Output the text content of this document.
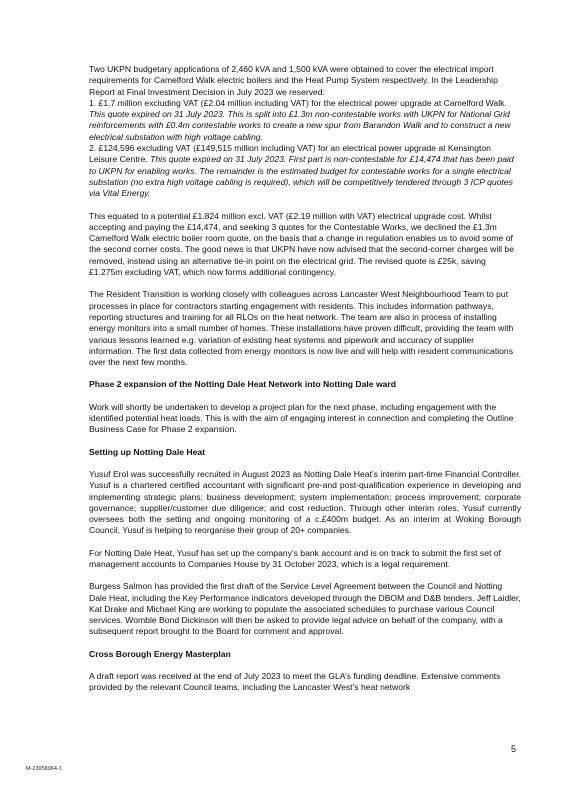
Two UKPN budgetary applications of 2,460 kVA and 1,500 kVA were obtained to cover the electrical import requirements for Camelford Walk electric boilers and the Heat Pump System respectively. In the Leadership Report at Final Investment Decision in July 2023 we reserved:
1. £1.7 million excluding VAT (£2.04 million including VAT) for the electrical power upgrade at Camelford Walk. This quote expired on 31 July 2023. This is split into £1.3m non-contestable works with UKPN for National Grid reinforcements with £0.4m contestable works to create a new spur from Barandon Walk and to construct a new electrical substation with high voltage cabling.
2. £124,596 excluding VAT (£149,515 million including VAT) for an electrical power upgrade at Kensington Leisure Centre. This quote expired on 31 July 2023. First part is non-contestable for £14,474 that has been paid to UKPN for enabling works. The remainder is the estimated budget for contestable works for a single electrical substation (no extra high voltage cabling is required), which will be competitively tendered through 3 ICP quotes via Vital Energy.

This equated to a potential £1.824 million excl. VAT (£2.19 million with VAT) electrical upgrade cost. Whilst accepting and paying the £14,474, and seeking 3 quotes for the Contestable Works, we declined the £1.3m Camelford Walk electric boiler room quote, on the basis that a change in regulation enables us to avoid some of the second corner costs. The good news is that UKPN have now advised that the second-corner charges will be removed, instead using an alternative tie-in point on the electrical grid. The revised quote is £25k, saving £1.275m excluding VAT, which now forms additional contingency.

The Resident Transition is working closely with colleagues across Lancaster West Neighbourhood Team to put processes in place for contractors starting engagement with residents. This includes information pathways, reporting structures and training for all RLOs on the heat network. The team are also in process of installing energy monitors into a small number of homes. These installations have proven difficult, providing the team with various lessons learned e.g. variation of existing heat systems and pipework and accuracy of supplier information. The first data collected from energy monitors is now live and will help with resident communications over the next few months.

Phase 2 expansion of the Notting Dale Heat Network into Notting Dale ward

Work will shortly be undertaken to develop a project plan for the next phase, including engagement with the identified potential heat loads. This is with the aim of engaging interest in connection and completing the Outline Business Case for Phase 2 expansion.

Setting up Notting Dale Heat

Yusuf Erol was successfully recruited in August 2023 as Notting Dale Heat’s interim part-time Financial Controller. Yusuf is a chartered certified accountant with significant pre-and post-qualification experience in developing and implementing strategic plans; business development; system implementation; process improvement; corporate governance; supplier/customer due diligence; and cost reduction. Through other interim roles, Yusuf currently oversees both the setting and ongoing monitoring of a c.£400m budget. As an interim at Woking Borough Council, Yusuf is helping to reorganise their group of 20+ companies.

For Notting Dale Heat, Yusuf has set up the company’s bank account and is on track to submit the first set of management accounts to Companies House by 31 October 2023, which is a legal requirement.

Burgess Salmon has provided the first draft of the Service Level Agreement between the Council and Notting Dale Heat, including the Key Performance indicators developed through the DBOM and D&B tenders. Jeff Laidler, Kat Drake and Michael King are working to populate the associated schedules to purchase various Council services. Womble Bond Dickinson will then be asked to provide legal advice on behalf of the company, with a subsequent report brought to the Board for comment and approval.

Cross Borough Energy Masterplan

A draft report was received at the end of July 2023 to meet the GLA’s funding deadline. Extensive comments provided by the relevant Council teams, including the Lancaster West’s heat network

5
M-23958064-1
